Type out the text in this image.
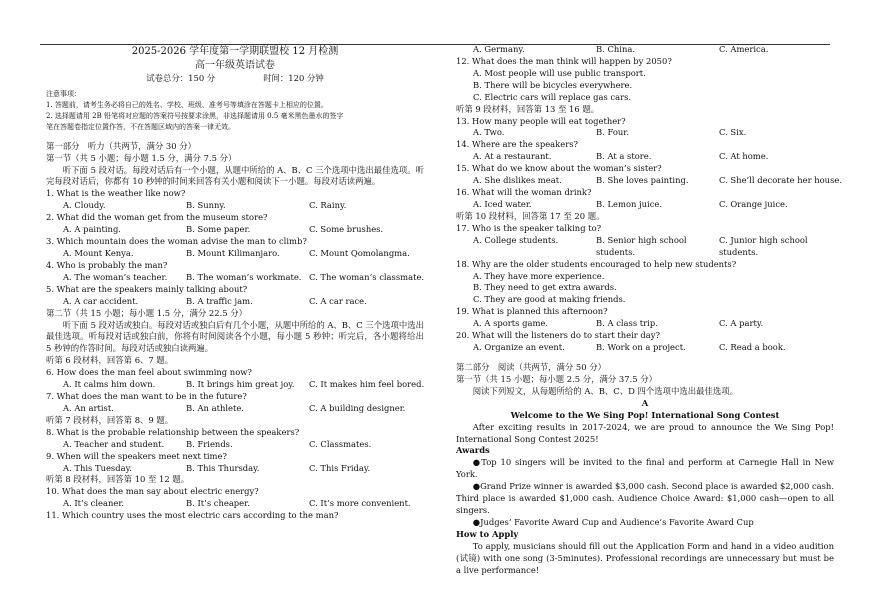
2025-2026 学年度第一学期联盟校 12 月检测
高一年级英语试卷
试卷总分：150 分	时间：120 分钟
注意事项：
1. 答题前，请考生务必将自己的姓名、学校、班级、准考号等填涂在答题卡上相应的位置。
2. 选择题请用 2B 铅笔将对应题的答案符号按要求涂黑，非选择题请用 0.5 毫米黑色墨水的签字
笔在答题卷指定位置作答，不在答题区域内的答案一律无效。
第一部分　听力（共两节，满分 30 分）
第一节（共 5 小题；每小题 1.5 分，满分 7.5 分）
听下面 5 段对话。每段对话后有一个小题，从题中所给的 A、B、C 三个选项中选出最佳选项。听完每段对话后，你都有 10 秒钟的时间来回答有关小题和阅读下一小题。每段对话读两遍。
1. What is the weather like now?
A. Cloudy.	B. Sunny.	C. Rainy.
2. What did the woman get from the museum store?
A. A painting.	B. Some paper.	C. Some brushes.
3. Which mountain does the woman advise the man to climb?
A. Mount Kenya.	B. Mount Kilimanjaro.	C. Mount Qomolangma.
4. Who is probably the man?
A. The woman’s teacher.	B. The woman’s workmate. C. The woman’s classmate.
5. What are the speakers mainly talking about?
A. A car accident.	B. A traffic jam.	C. A car race.
第二节（共 15 小题；每小题 1.5 分，满分 22.5 分）
听下面 5 段对话或独白。每段对话或独白后有几个小题，从题中所给的 A、B、C 三个选项中选出最佳选项。听每段对话或独白前，你将有时间阅读各个小题，每小题 5 秒钟；听完后，各小题将给出 5 秒钟的作答时间。每段对话或独白读两遍。
听第 6 段材料，回答第 6、7 题。
6. How does the man feel about swimming now?
A. It calms him down.	B. It brings him great joy.	C. It makes him feel bored.
7. What does the man want to be in the future?
A. An artist.	B. An athlete.	C. A building designer.
听第 7 段材料，回答第 8、9 题。
8. What is the probable relationship between the speakers?
A. Teacher and student.	B. Friends.	C. Classmates.
9. When will the speakers meet next time?
A. This Tuesday.	B. This Thursday.	C. This Friday.
听第 8 段材料，回答第 10 至 12 题。
10. What does the man say about electric energy?
A. It’s cleaner.	B. It’s cheaper.	C. It’s more convenient.
11. Which country uses the most electric cars according to the man?
A. Germany.	B. China.	C. America.
12. What does the man think will happen by 2050?
A. Most people will use public transport.
B. There will be bicycles everywhere.
C. Electric cars will replace gas cars.
听第 9 段材料，回答第 13 至 16 题。
13. How many people will eat together?
A. Two.	B. Four.	C. Six.
14. Where are the speakers?
A. At a restaurant.	B. At a store.	C. At home.
15. What do we know about the woman’s sister?
A. She dislikes meat.	B. She loves painting.	C. She’ll decorate her house.
16. What will the woman drink?
A. Iced water.	B. Lemon juice.	C. Orange juice.
听第 10 段材料，回答第 17 至 20 题。
17. Who is the speaker talking to?
A. College students.	B. Senior high school students.
C. Junior high school students.
18. Why are the older students encouraged to help new students?
A. They have more experience.
B. They need to get extra awards.
C. They are good at making friends.
19. What is planned this afternoon?
A. A sports game.	B. A class trip.	C. A party.
20. What will the listeners do to start their day?
A. Organize an event.	B. Work on a project.	C. Read a book.
第二部分　阅读（共两节，满分 50 分）
第一节（共 15 小题；每小题 2.5 分，满分 37.5 分）
阅读下列短文，从每题所给的 A、B、C、D 四个选项中选出最佳选项。
A
Welcome to the We Sing Pop! International Song Contest
After exciting results in 2017-2024, we are proud to announce the We Sing Pop! International Song Contest 2025!
Awards
●Top 10 singers will be invited to the final and perform at Carnegie Hall in New York.
●Grand Prize winner is awarded $3,000 cash. Second place is awarded $2,000 cash. Third place is awarded $1,000 cash. Audience Choice Award: $1,000 cash—open to all singers.
●Judges’ Favorite Award Cup and Audience’s Favorite Award Cup
How to Apply
To apply, musicians should fill out the Application Form and hand in a video audition (试镜) with one song (3-5minutes). Professional recordings are unnecessary but must be a live performance!
